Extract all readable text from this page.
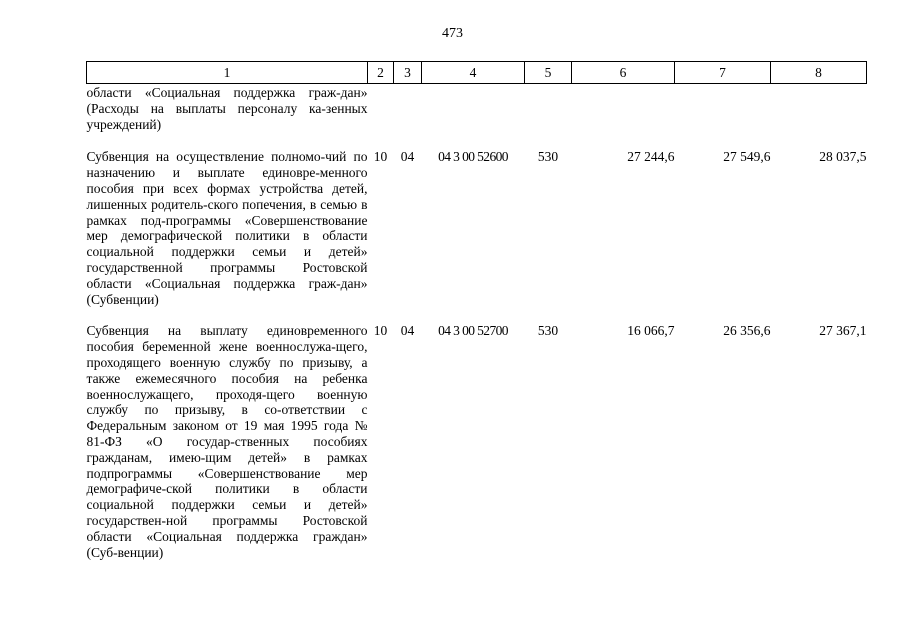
473
1	2	3	4	5	6	7	8
области «Социальная поддержка граж-дан» (Расходы на выплаты персоналу ка-зенных учреждений)							
Субвенция на осуществление полномо-чий по назначению и выплате единовре-менного пособия при всех формах устройства детей, лишенных родитель-ского попечения, в семью в рамках под-программы «Совершенствование мер демографической политики в области социальной поддержки семьи и детей» государственной программы Ростовской области «Социальная поддержка граж-дан» (Субвенции)	10	04	04 3 00 52600	530	27 244,6	27 549,6	28 037,5
Субвенция на выплату единовременного пособия беременной жене военнослужа-щего, проходящего военную службу по призыву, а также ежемесячного пособия на ребенка военнослужащего, проходя-щего военную службу по призыву, в со-ответствии с Федеральным законом от 19 мая 1995 года № 81-ФЗ «О государ-ственных пособиях гражданам, имею-щим детей» в рамках подпрограммы «Совершенствование мер демографиче-ской политики в области социальной поддержки семьи и детей» государствен-ной программы Ростовской области «Социальная поддержка граждан» (Суб-венции)	10	04	04 3 00 52700	530	16 066,7	26 356,6	27 367,1
